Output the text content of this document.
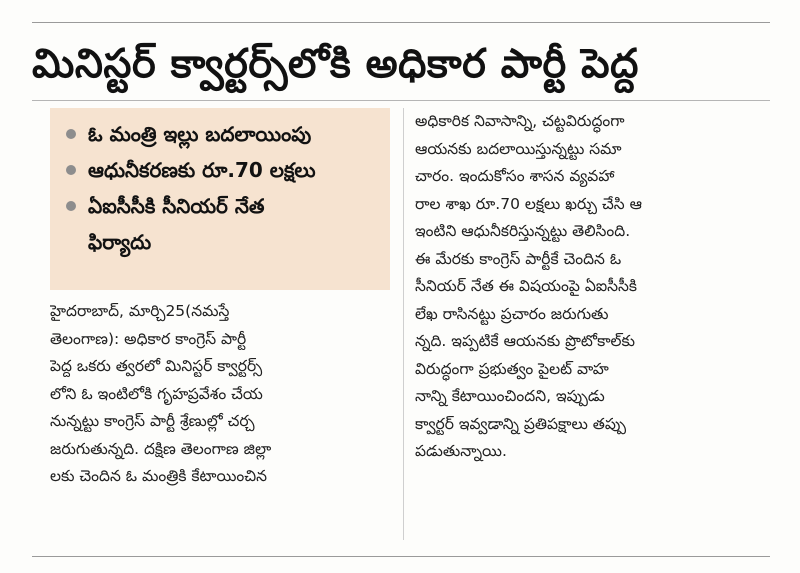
మినిస్టర్ క్వార్టర్స్‌లోకి అధికార పార్టీ పెద్ద
ఓ మంత్రి ఇల్లు బదలాయింపు
ఆధునీకరణకు రూ.70 లక్షలు
ఏఐసీసీకి సీనియర్ నేత
ఫిర్యాదు
హైదరాబాద్, మార్చి25(నమస్తే
తెలంగాణ): అధికార కాంగ్రెస్ పార్టీ
పెద్ద ఒకరు త్వరలో మినిస్టర్ క్వార్టర్స్
లోని ఓ ఇంటిలోకి గృహప్రవేశం చేయ
నున్నట్టు కాంగ్రెస్ పార్టీ శ్రేణుల్లో చర్చ
జరుగుతున్నది. దక్షిణ తెలంగాణ జిల్లా
లకు చెందిన ఓ మంత్రికి కేటాయించిన
అధికారిక నివాసాన్ని, చట్టవిరుద్ధంగా
ఆయనకు బదలాయిస్తున్నట్టు సమా
చారం. ఇందుకోసం శాసన వ్యవహా
రాల శాఖ రూ.70 లక్షలు ఖర్చు చేసి ఆ
ఇంటిని ఆధునీకరిస్తున్నట్టు తెలిసింది.
ఈ మేరకు కాంగ్రెస్ పార్టీకే చెందిన ఓ
సీనియర్ నేత ఈ విషయంపై ఏఐసీసీకి
లేఖ రాసినట్టు ప్రచారం జరుగుతు
న్నది. ఇప్పటికే ఆయనకు ప్రొటోకాల్‌కు
విరుద్ధంగా ప్రభుత్వం పైలట్ వాహ
నాన్ని కేటాయించిందని, ఇప్పుడు
క్వార్టర్ ఇవ్వడాన్ని ప్రతిపక్షాలు తప్పు
పడుతున్నాయి.
